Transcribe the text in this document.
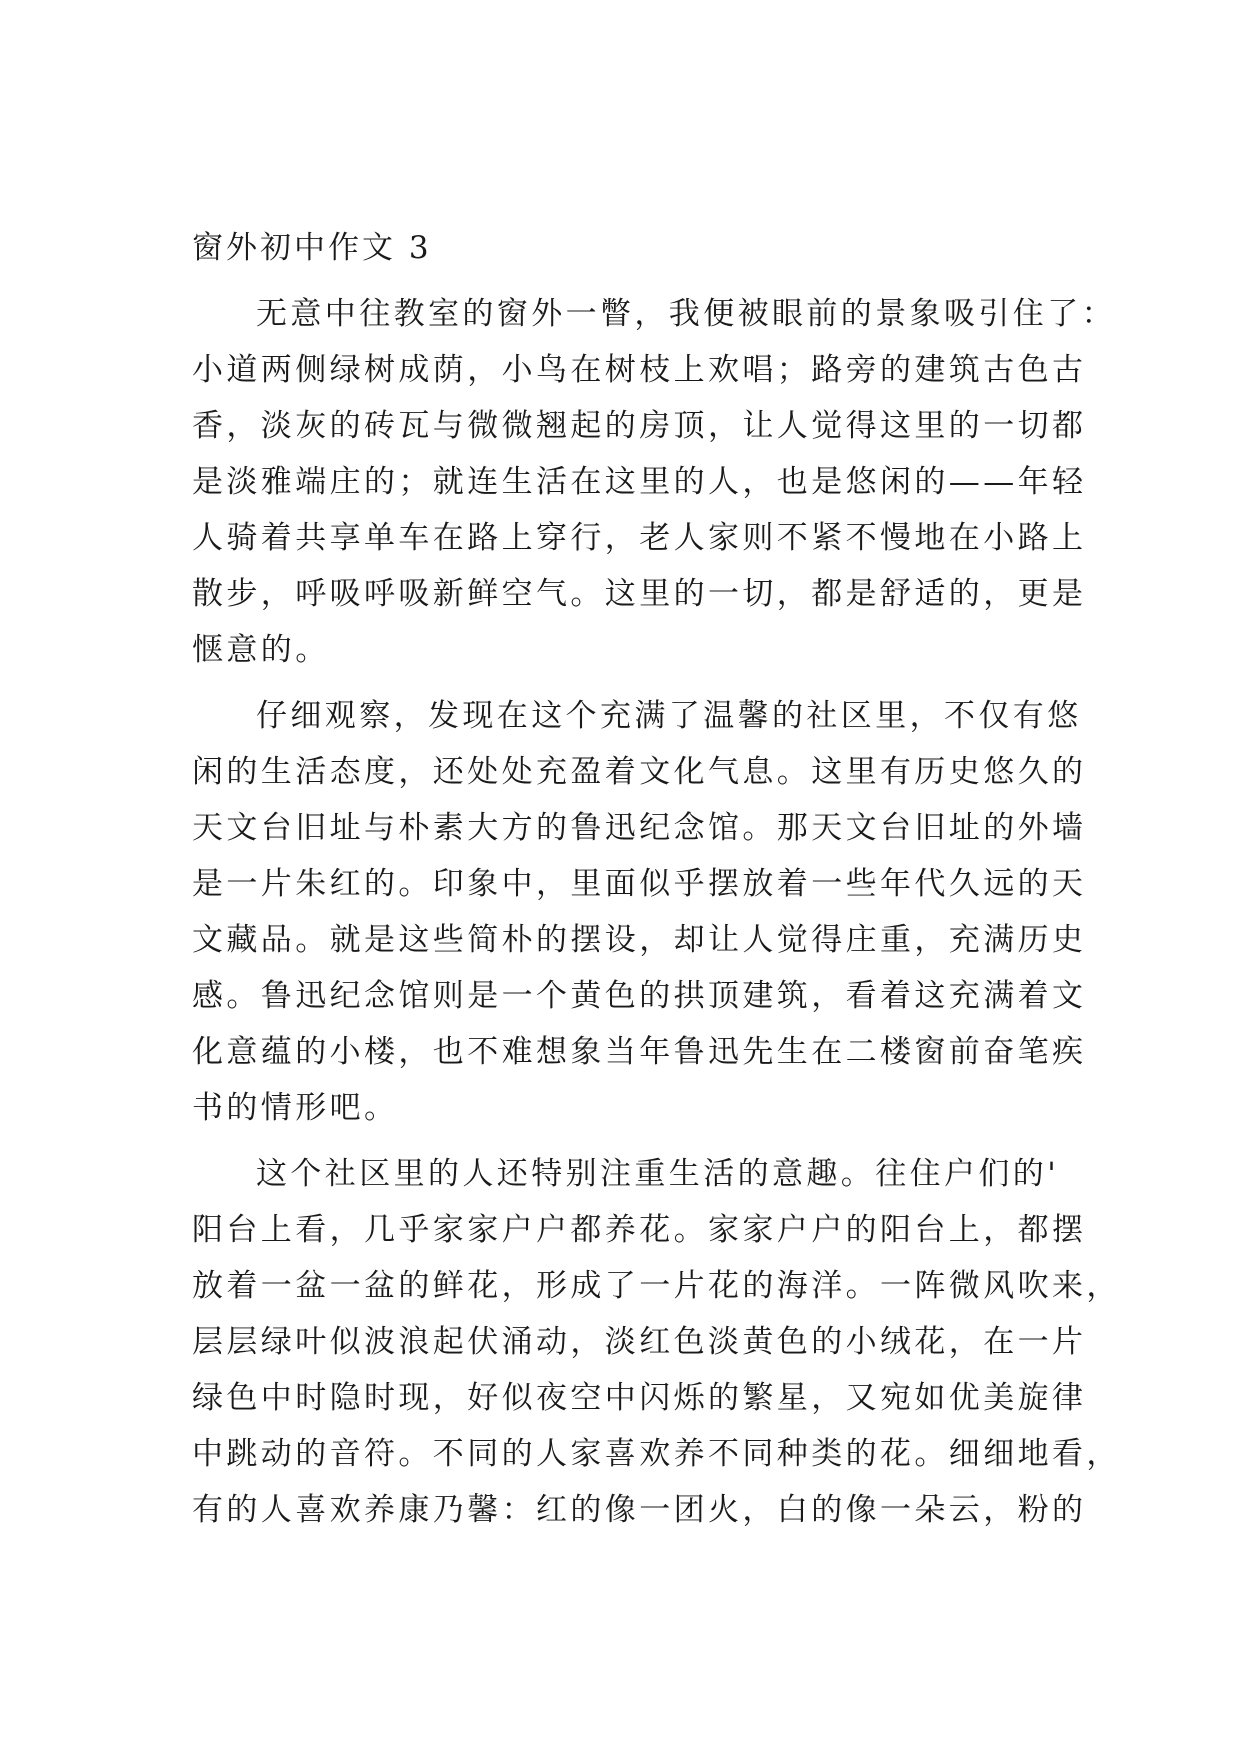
窗外初中作文 3

无意中往教室的窗外一瞥，我便被眼前的景象吸引住了：

小道两侧绿树成荫，小鸟在树枝上欢唱；路旁的建筑古色古

香，淡灰的砖瓦与微微翘起的房顶，让人觉得这里的一切都

是淡雅端庄的；就连生活在这里的人，也是悠闲的——年轻

人骑着共享单车在路上穿行，老人家则不紧不慢地在小路上

散步，呼吸呼吸新鲜空气。这里的一切，都是舒适的，更是

惬意的。

仔细观察，发现在这个充满了温馨的社区里，不仅有悠

闲的生活态度，还处处充盈着文化气息。这里有历史悠久的

天文台旧址与朴素大方的鲁迅纪念馆。那天文台旧址的外墙

是一片朱红的。印象中，里面似乎摆放着一些年代久远的天

文藏品。就是这些简朴的摆设，却让人觉得庄重，充满历史

感。鲁迅纪念馆则是一个黄色的拱顶建筑，看着这充满着文

化意蕴的小楼，也不难想象当年鲁迅先生在二楼窗前奋笔疾

书的情形吧。

这个社区里的人还特别注重生活的意趣。往住户们的'

阳台上看，几乎家家户户都养花。家家户户的阳台上，都摆

放着一盆一盆的鲜花，形成了一片花的海洋。一阵微风吹来，

层层绿叶似波浪起伏涌动，淡红色淡黄色的小绒花，在一片

绿色中时隐时现，好似夜空中闪烁的繁星，又宛如优美旋律

中跳动的音符。不同的人家喜欢养不同种类的花。细细地看，

有的人喜欢养康乃馨：红的像一团火，白的像一朵云，粉的
